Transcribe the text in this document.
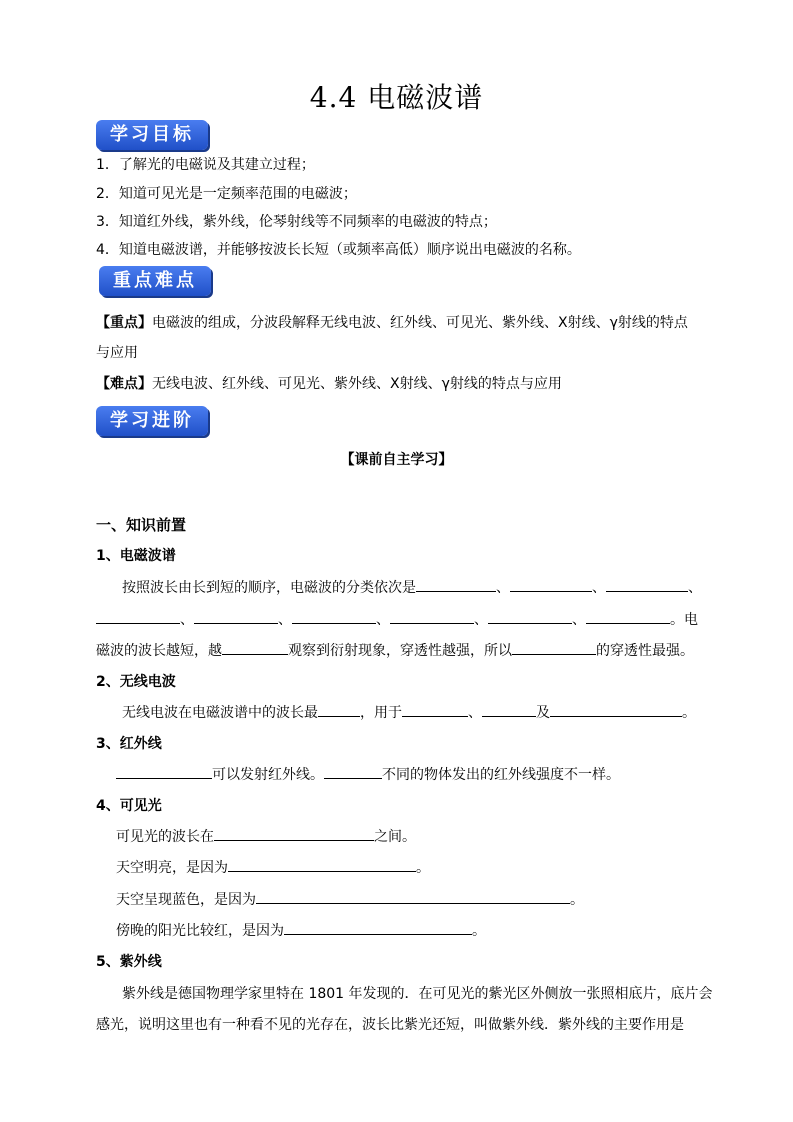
4.4 电磁波谱
学习目标
1．了解光的电磁说及其建立过程；
2．知道可见光是一定频率范围的电磁波；
3．知道红外线，紫外线，伦琴射线等不同频率的电磁波的特点；
4．知道电磁波谱，并能够按波长长短（或频率高低）顺序说出电磁波的名称。
重点难点
【重点】电磁波的组成，分波段解释无线电波、红外线、可见光、紫外线、X射线、γ射线的特点
与应用
【难点】无线电波、红外线、可见光、紫外线、X射线、γ射线的特点与应用
学习进阶
【课前自主学习】
一、知识前置
1、电磁波谱
按照波长由长到短的顺序，电磁波的分类依次是	、	、	、
、	、	、	、	、	。电
磁波的波长越短，越	观察到衍射现象，穿透性越强，所以	的穿透性最强。
2、无线电波
无线电波在电磁波谱中的波长最	，用于	、	及	。
3、红外线
可以发射红外线。	不同的物体发出的红外线强度不一样。
4、可见光
可见光的波长在	之间。
天空明亮，是因为	。
天空呈现蓝色，是因为	。
傍晚的阳光比较红，是因为	。
5、紫外线
紫外线是德国物理学家里特在 1801 年发现的．在可见光的紫光区外侧放一张照相底片，底片会
感光，说明这里也有一种看不见的光存在，波长比紫光还短，叫做紫外线．紫外线的主要作用是
